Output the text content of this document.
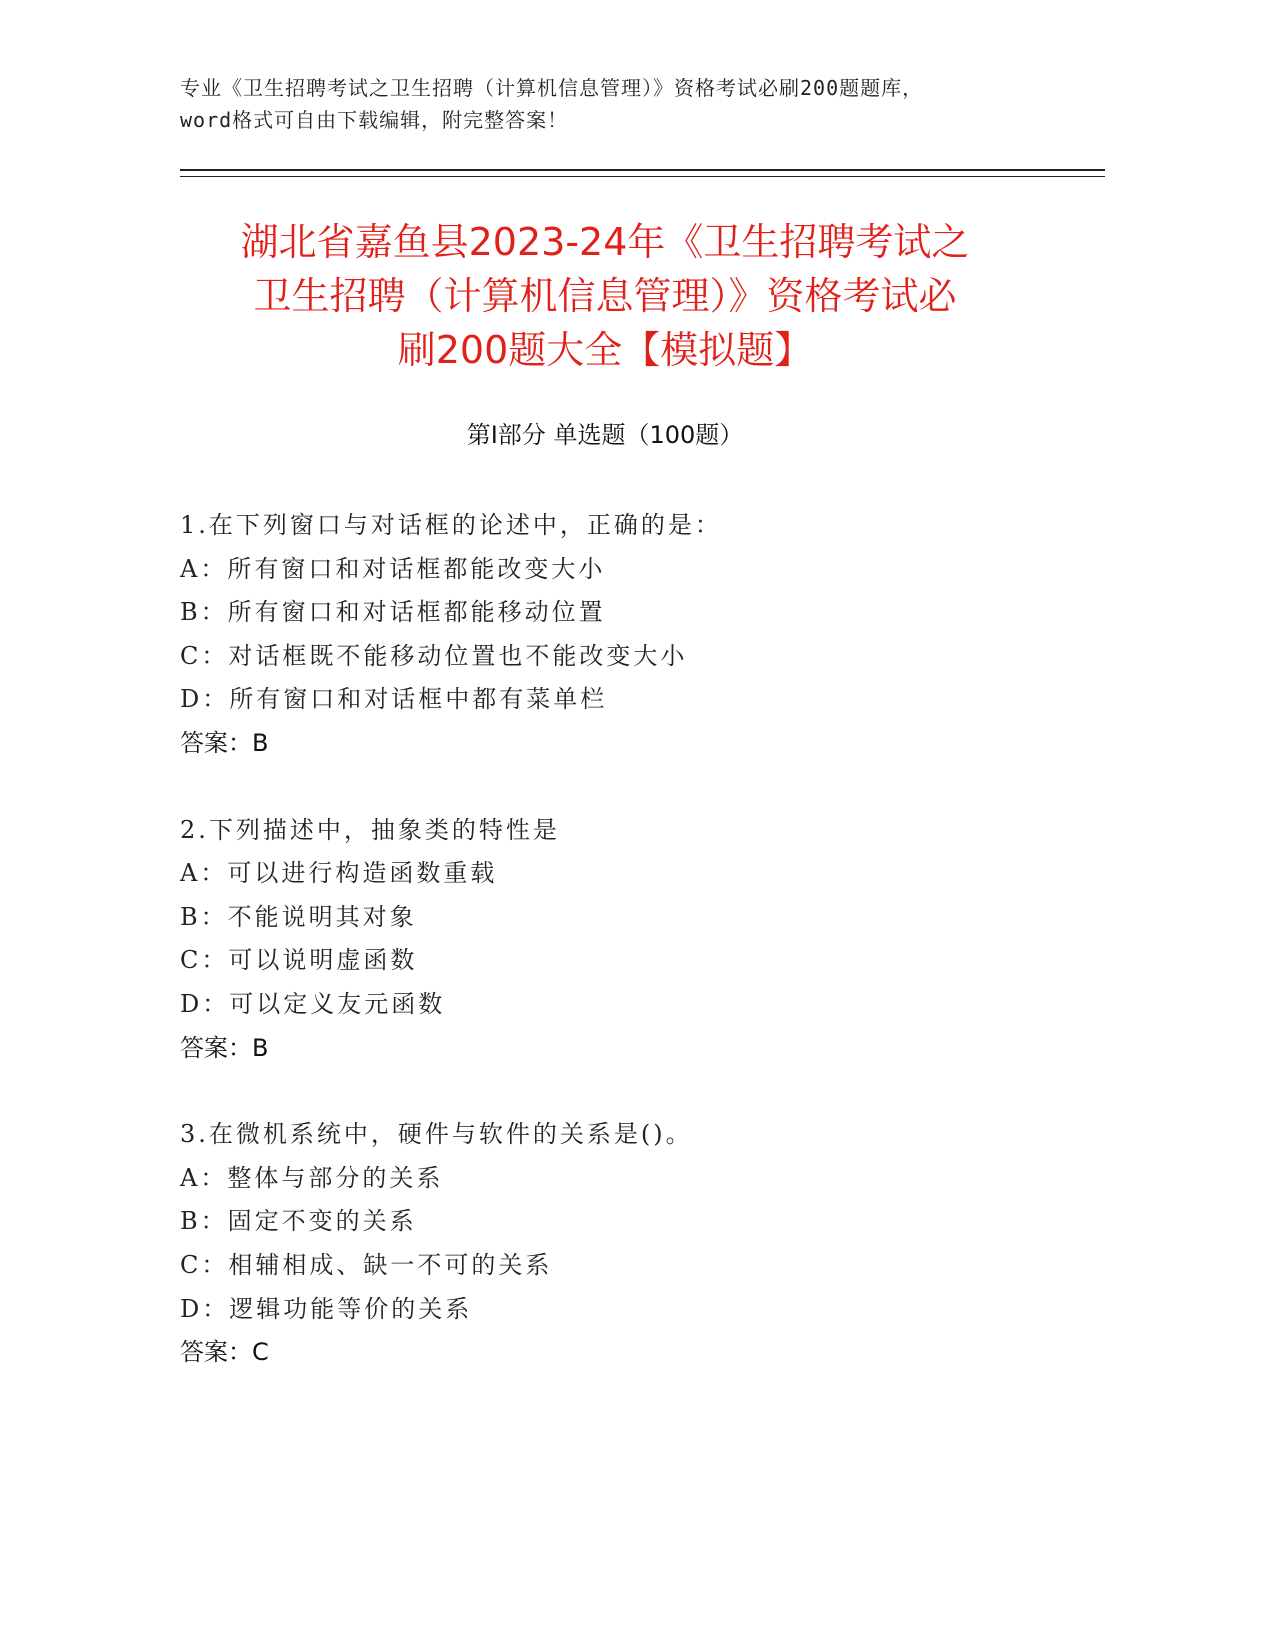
专业《卫生招聘考试之卫生招聘（计算机信息管理）》资格考试必刷200题题库，
word格式可自由下载编辑，附完整答案！
湖北省嘉鱼县2023-24年《卫生招聘考试之
卫生招聘（计算机信息管理）》资格考试必
刷200题大全【模拟题】
第Ⅰ部分 单选题（100题）
1.在下列窗口与对话框的论述中，正确的是：
A：所有窗口和对话框都能改变大小
B：所有窗口和对话框都能移动位置
C：对话框既不能移动位置也不能改变大小
D：所有窗口和对话框中都有菜单栏
答案：B
2.下列描述中，抽象类的特性是
A：可以进行构造函数重载
B：不能说明其对象
C：可以说明虚函数
D：可以定义友元函数
答案：B
3.在微机系统中，硬件与软件的关系是()。
A：整体与部分的关系
B：固定不变的关系
C：相辅相成、缺一不可的关系
D：逻辑功能等价的关系
答案：C
